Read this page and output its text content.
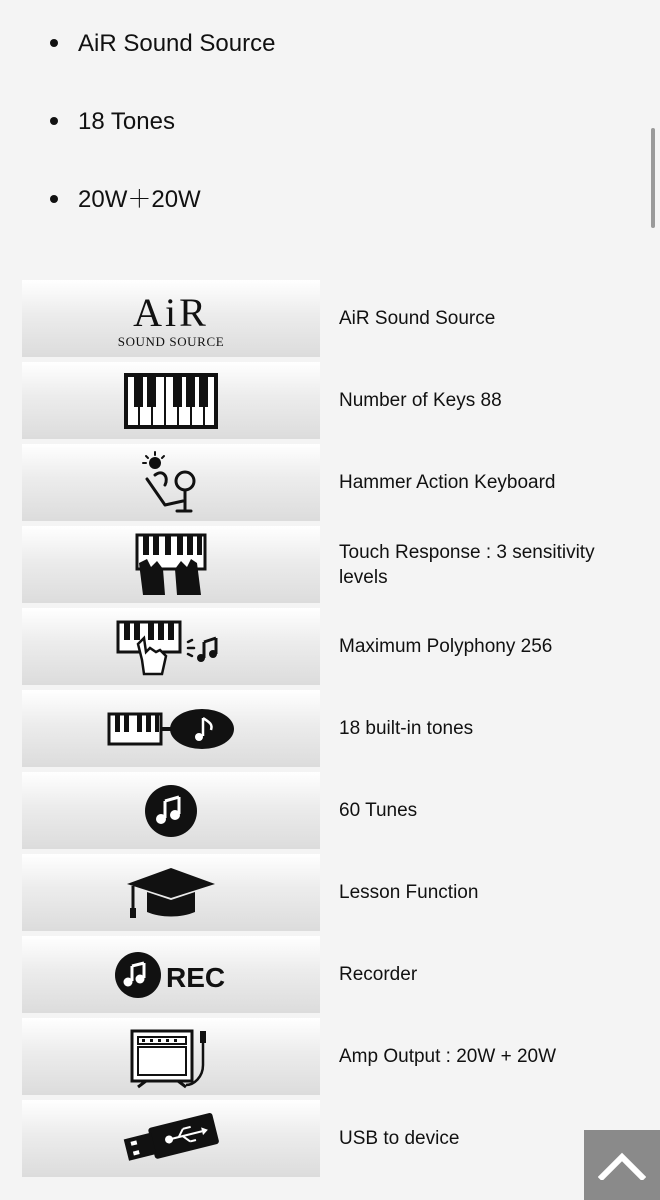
AiR Sound Source
18 Tones
20W＋20W
AiR
SOUND SOURCE
AiR Sound Source
Number of Keys 88
Hammer Action Keyboard
Touch Response : 3 sensitivity levels
Maximum Polyphony 256
18 built-in tones
60 Tunes
Lesson Function
REC	Recorder
Amp Output : 20W + 20W
USB to device
